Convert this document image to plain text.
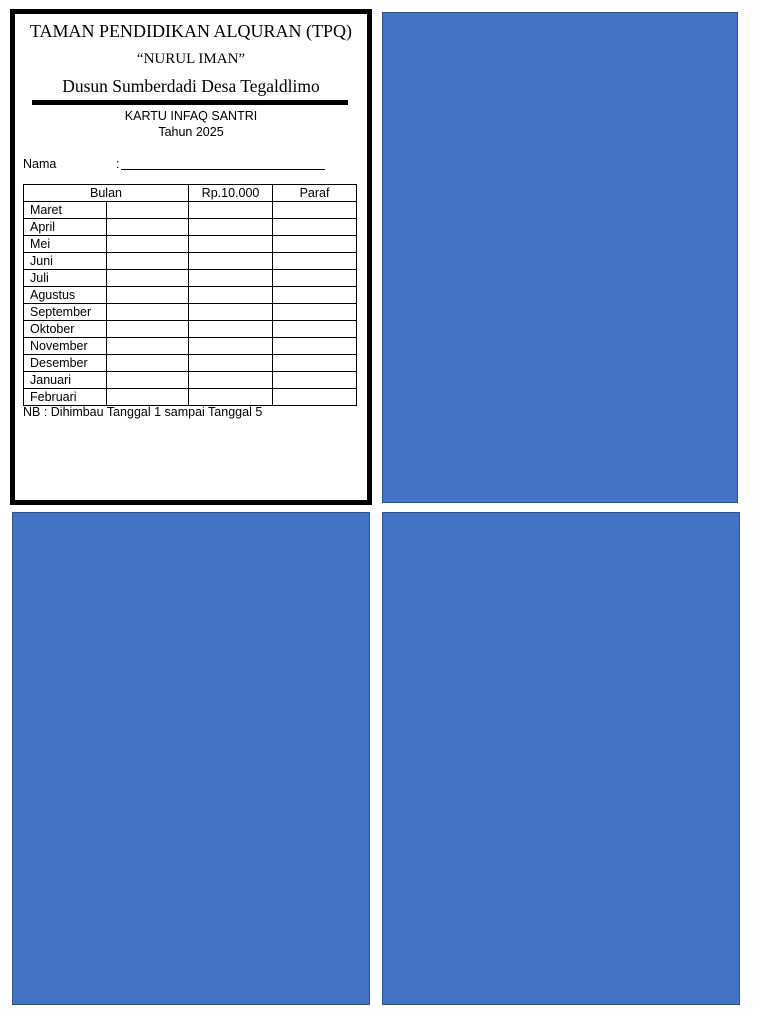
TAMAN PENDIDIKAN ALQURAN (TPQ)
“NURUL IMAN”
Dusun Sumberdadi Desa Tegaldlimo
KARTU INFAQ SANTRI
Tahun 2025
Nama	:
Bulan		Rp.10.000	Paraf
Maret			
April			
Mei			
Juni			
Juli			
Agustus			
September			
Oktober			
November			
Desember			
Januari			
Februari			
NB : Dihimbau Tanggal 1 sampai Tanggal 5
